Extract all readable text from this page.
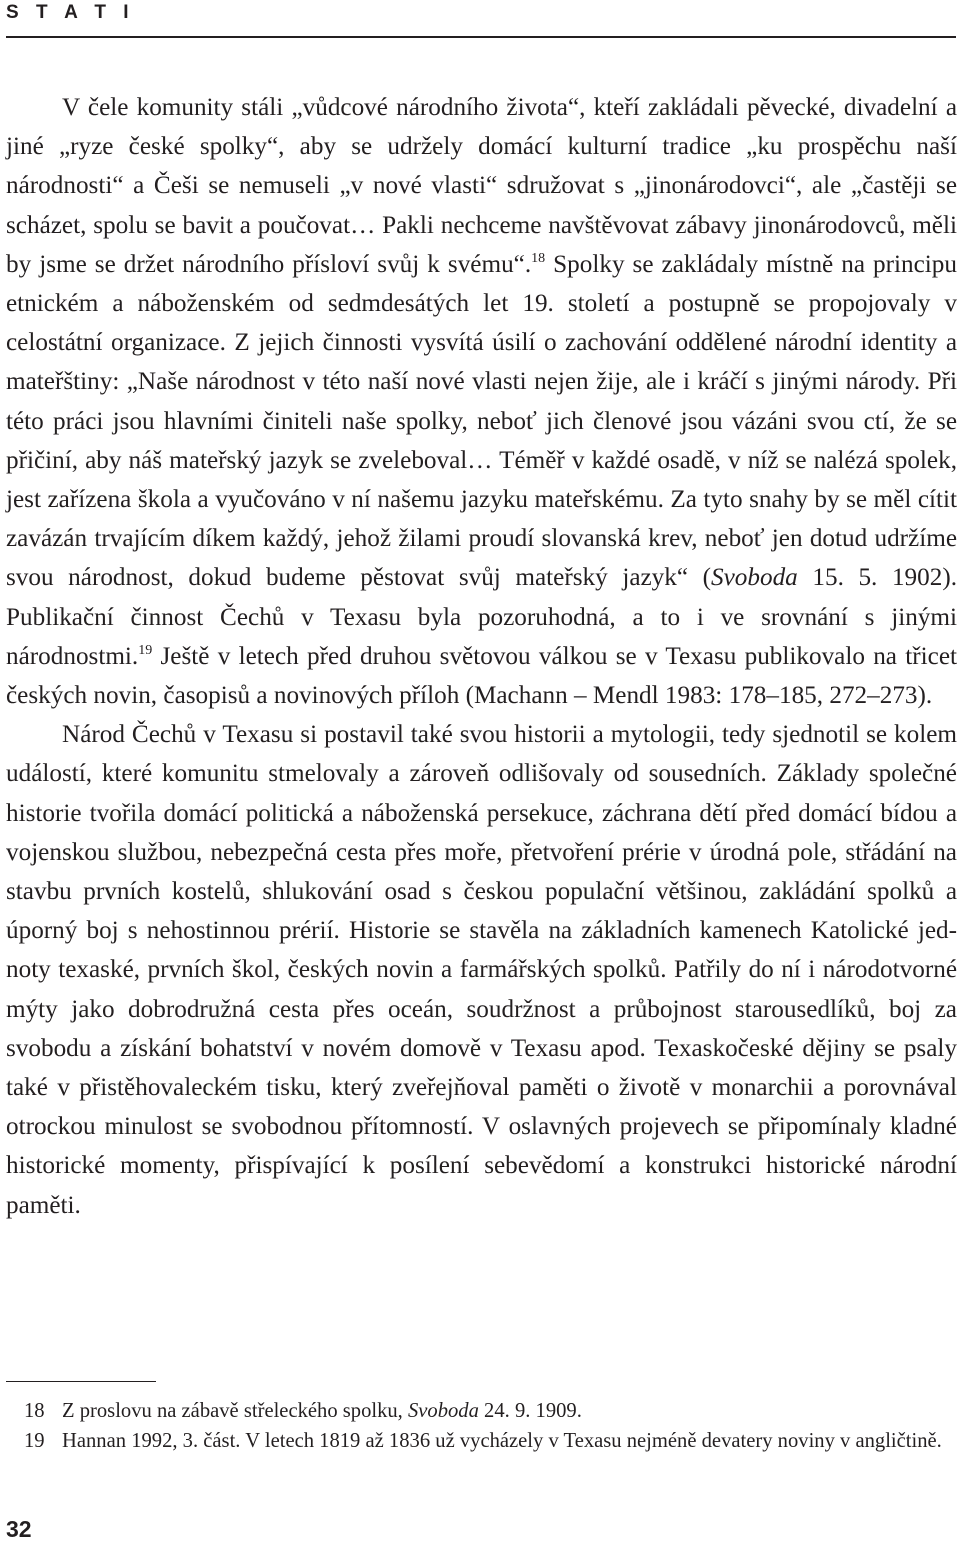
S T A T I

V čele komunity stáli „vůdcové národního života“, kteří zakládali pěvecké, divadelní a jiné „ryze české spolky“, aby se udržely domácí kulturní tradice „ku prospěchu naší národnosti“ a Češi se nemuseli „v nové vlasti“ sdružovat s „jinonárodovci“, ale „častěji se scházet, spolu se bavit a poučovat… Pakli nechceme navštěvovat zábavy jinonárodovců, měli by jsme se držet národního přísloví svůj k svému“.$^{18}$ Spolky se zakládaly místně na principu etnickém a náboženském od sedmdesátých let 19. století a postupně se propojovaly v celostátní organizace. Z jejich činnosti vysvítá úsilí o zachování oddělené národní identity a mateřštiny: „Naše národnost v této naší nové vlasti nejen žije, ale i kráčí s jinými národy. Při této práci jsou hlavními činiteli naše spolky, neboť jich členové jsou vázáni svou ctí, že se přičiní, aby náš mateřský jazyk se zveleboval… Téměř v každé osadě, v níž se nalézá spolek, jest zařízena škola a vyučováno v ní našemu jazyku mateřskému. Za tyto snahy by se měl cítit zavázán trvajícím díkem každý, jehož žilami proudí slovanská krev, neboť jen dotud udržíme svou národnost, dokud budeme pěstovat svůj mateřský jazyk“ (Svoboda 15. 5. 1902). Publikační činnost Čechů v Texasu byla pozoruhodná, a to i ve srovnání s jinými národnostmi.$^{19}$ Ještě v letech před druhou světovou válkou se v Texasu publikovalo na třicet českých novin, časopisů a novinových příloh (Machann – Mendl 1983: 178–185, 272–273).

Národ Čechů v Texasu si postavil také svou historii a mytologii, tedy sjednotil se kolem událostí, které komunitu stmelovaly a zároveň odlišovaly od sousedních. Základy společné historie tvořila domácí politická a náboženská persekuce, záchrana dětí před domácí bídou a vojenskou službou, nebezpečná cesta přes moře, přetvoření prérie v úrodná pole, střádání na stavbu prvních kostelů, shlukování osad s českou populační většinou, zakládání spolků a úporný boj s nehostinnou prérií. Historie se stavěla na základních kamenech Katolické jednoty texaské, prvních škol, českých novin a farmářských spolků. Patřily do ní i národotvorné mýty jako dobrodružná cesta přes oceán, soudržnost a průbojnost starousedlíků, boj za svobodu a získání bohatství v novém domově v Texasu apod. Texaskočeské dějiny se psaly také v přistěhovaleckém tisku, který zveřejňoval paměti o životě v monarchii a porovnával otrockou minulost se svobodnou přítomností. V oslavných projevech se připomínaly kladné historické momenty, přispívající k posílení sebevědomí a konstrukci historické národní paměti.

18 Z proslovu na zábavě střeleckého spolku, Svoboda 24. 9. 1909.
19 Hannan 1992, 3. část. V letech 1819 až 1836 už vycházely v Texasu nejméně devatery noviny v angličtině.
32
